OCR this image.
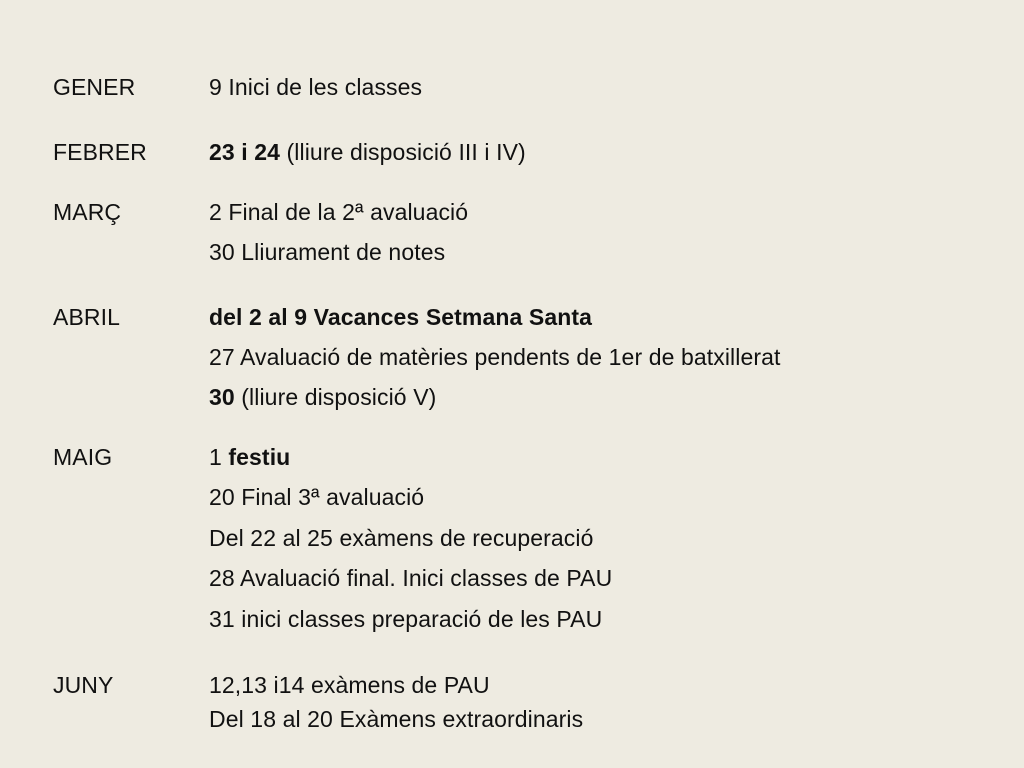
GENER	9 Inici de les classes
FEBRER	23 i 24 (lliure disposició III i IV)
MARÇ	2 Final de la 2ª avaluació
30 Lliurament de notes
ABRIL	del 2 al 9 Vacances Setmana Santa
27 Avaluació de matèries pendents de 1er de batxillerat
30 (lliure disposició V)
MAIG	1 festiu
20 Final 3ª avaluació
Del 22 al 25 exàmens de recuperació
28 Avaluació final. Inici classes de PAU
31 inici classes preparació de les PAU
JUNY	12,13 i14 exàmens de PAU
Del 18 al 20 Exàmens extraordinaris
